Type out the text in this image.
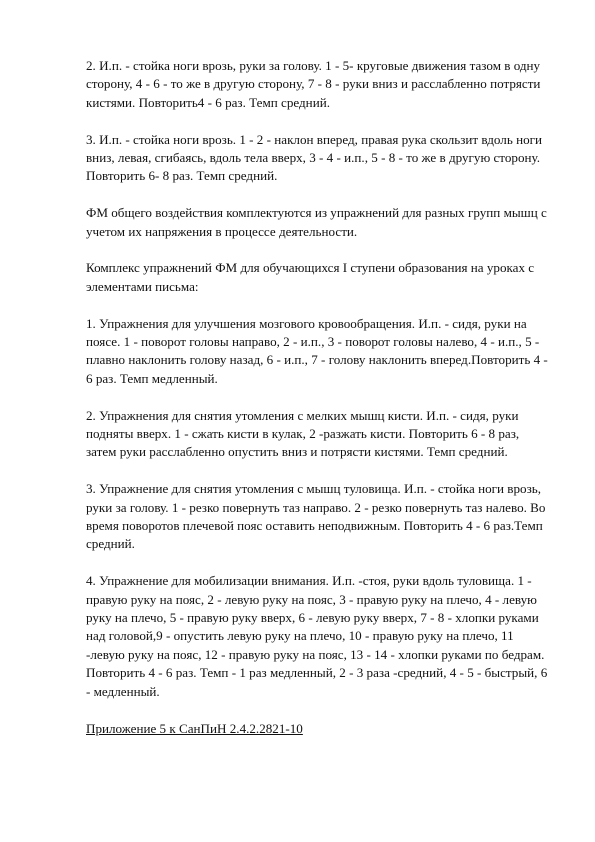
2. И.п. - стойка ноги врозь, руки за голову. 1 - 5- круговые движения тазом в одну сторону, 4 - 6 - то же в другую сторону, 7 - 8 - руки вниз и расслабленно потрясти кистями. Повторить4 - 6 раз. Темп средний.

3. И.п. - стойка ноги врозь. 1 - 2 - наклон вперед, правая рука скользит вдоль ноги вниз, левая, сгибаясь, вдоль тела вверх, 3 - 4 - и.п., 5 - 8 - то же в другую сторону. Повторить 6- 8 раз. Темп средний.

ФМ общего воздействия комплектуются из упражнений для разных групп мышц с учетом их напряжения в процессе деятельности.

Комплекс упражнений ФМ для обучающихся I ступени образования на уроках с элементами письма:

1. Упражнения для улучшения мозгового кровообращения. И.п. - сидя, руки на поясе. 1 - поворот головы направо, 2 - и.п., 3 - поворот головы налево, 4 - и.п., 5 - плавно наклонить голову назад, 6 - и.п., 7 - голову наклонить вперед.Повторить 4 - 6 раз. Темп медленный.

2. Упражнения для снятия утомления с мелких мышц кисти. И.п. - сидя, руки подняты вверх. 1 - сжать кисти в кулак, 2 -разжать кисти. Повторить 6 - 8 раз, затем руки расслабленно опустить вниз и потрясти кистями. Темп средний.

3. Упражнение для снятия утомления с мышц туловища. И.п. - стойка ноги врозь, руки за голову. 1 - резко повернуть таз направо. 2 - резко повернуть таз налево. Во время поворотов плечевой пояс оставить неподвижным. Повторить 4 - 6 раз.Темп средний.

4. Упражнение для мобилизации внимания. И.п. -стоя, руки вдоль туловища. 1 - правую руку на пояс, 2 - левую руку на пояс, 3 - правую руку на плечо, 4 - левую руку на плечо, 5 - правую руку вверх, 6 - левую руку вверх, 7 - 8 - хлопки руками над головой,9 - опустить левую руку на плечо, 10 - правую руку на плечо, 11 -левую руку на пояс, 12 - правую руку на пояс, 13 - 14 - хлопки руками по бедрам. Повторить 4 - 6 раз. Темп - 1 раз медленный, 2 - 3 раза -средний, 4 - 5 - быстрый, 6 - медленный.

Приложение 5 к СанПиН 2.4.2.2821-10
